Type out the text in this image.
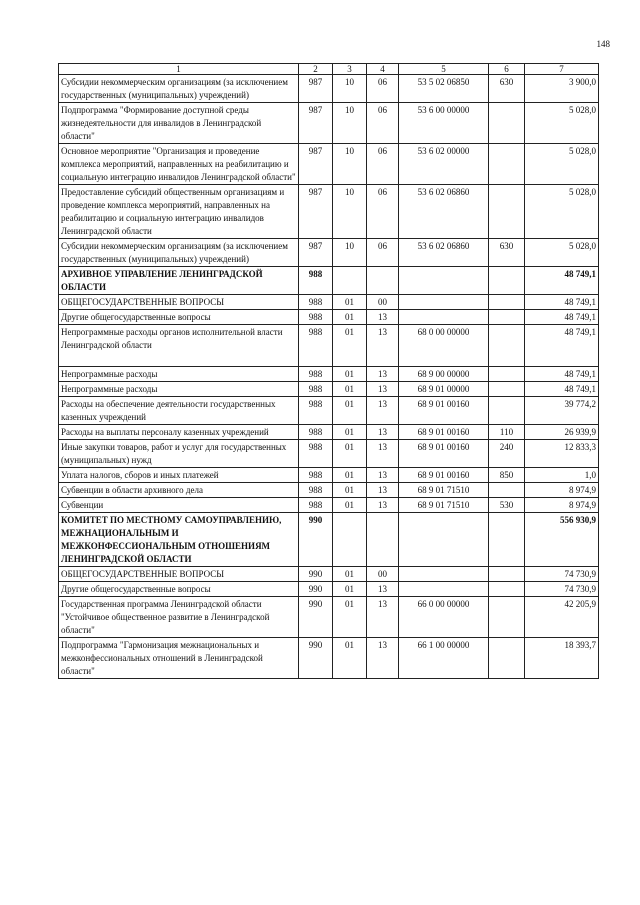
148
1	2	3	4	5	6	7
Субсидии некоммерческим организациям (за исключением государственных (муниципальных) учреждений)	987	10	06	53 5 02 06850	630	3 900,0
Подпрограмма "Формирование доступной среды жизнедеятельности для инвалидов в Ленинградской области"	987	10	06	53 6 00 00000		5 028,0
Основное мероприятие "Организация и проведение комплекса мероприятий, направленных на реабилитацию и социальную интеграцию инвалидов Ленинградской области"	987	10	06	53 6 02 00000		5 028,0
Предоставление субсидий общественным организациям и проведение комплекса мероприятий, направленных на реабилитацию и социальную интеграцию инвалидов Ленинградской области	987	10	06	53 6 02 06860		5 028,0
Субсидии некоммерческим организациям (за исключением государственных (муниципальных) учреждений)	987	10	06	53 6 02 06860	630	5 028,0
АРХИВНОЕ УПРАВЛЕНИЕ ЛЕНИНГРАДСКОЙ ОБЛАСТИ	988					48 749,1
ОБЩЕГОСУДАРСТВЕННЫЕ ВОПРОСЫ	988	01	00			48 749,1
Другие общегосударственные вопросы	988	01	13			48 749,1
Непрограммные расходы органов исполнительной власти Ленинградской области	988	01	13	68 0 00 00000		48 749,1
Непрограммные расходы	988	01	13	68 9 00 00000		48 749,1
Непрограммные расходы	988	01	13	68 9 01 00000		48 749,1
Расходы на обеспечение деятельности государственных казенных учреждений	988	01	13	68 9 01 00160		39 774,2
Расходы на выплаты персоналу казенных учреждений	988	01	13	68 9 01 00160	110	26 939,9
Иные закупки товаров, работ и услуг для государственных (муниципальных) нужд	988	01	13	68 9 01 00160	240	12 833,3
Уплата налогов, сборов и иных платежей	988	01	13	68 9 01 00160	850	1,0
Субвенции в области архивного дела	988	01	13	68 9 01 71510		8 974,9
Субвенции	988	01	13	68 9 01 71510	530	8 974,9
КОМИТЕТ ПО МЕСТНОМУ САМОУПРАВЛЕНИЮ, МЕЖНАЦИОНАЛЬНЫМ И МЕЖКОНФЕССИОНАЛЬНЫМ ОТНОШЕНИЯМ ЛЕНИНГРАДСКОЙ ОБЛАСТИ	990					556 930,9
ОБЩЕГОСУДАРСТВЕННЫЕ ВОПРОСЫ	990	01	00			74 730,9
Другие общегосударственные вопросы	990	01	13			74 730,9
Государственная программа Ленинградской области "Устойчивое общественное развитие в Ленинградской области"	990	01	13	66 0 00 00000		42 205,9
Подпрограмма "Гармонизация межнациональных и межконфессиональных отношений в Ленинградской области"	990	01	13	66 1 00 00000		18 393,7
